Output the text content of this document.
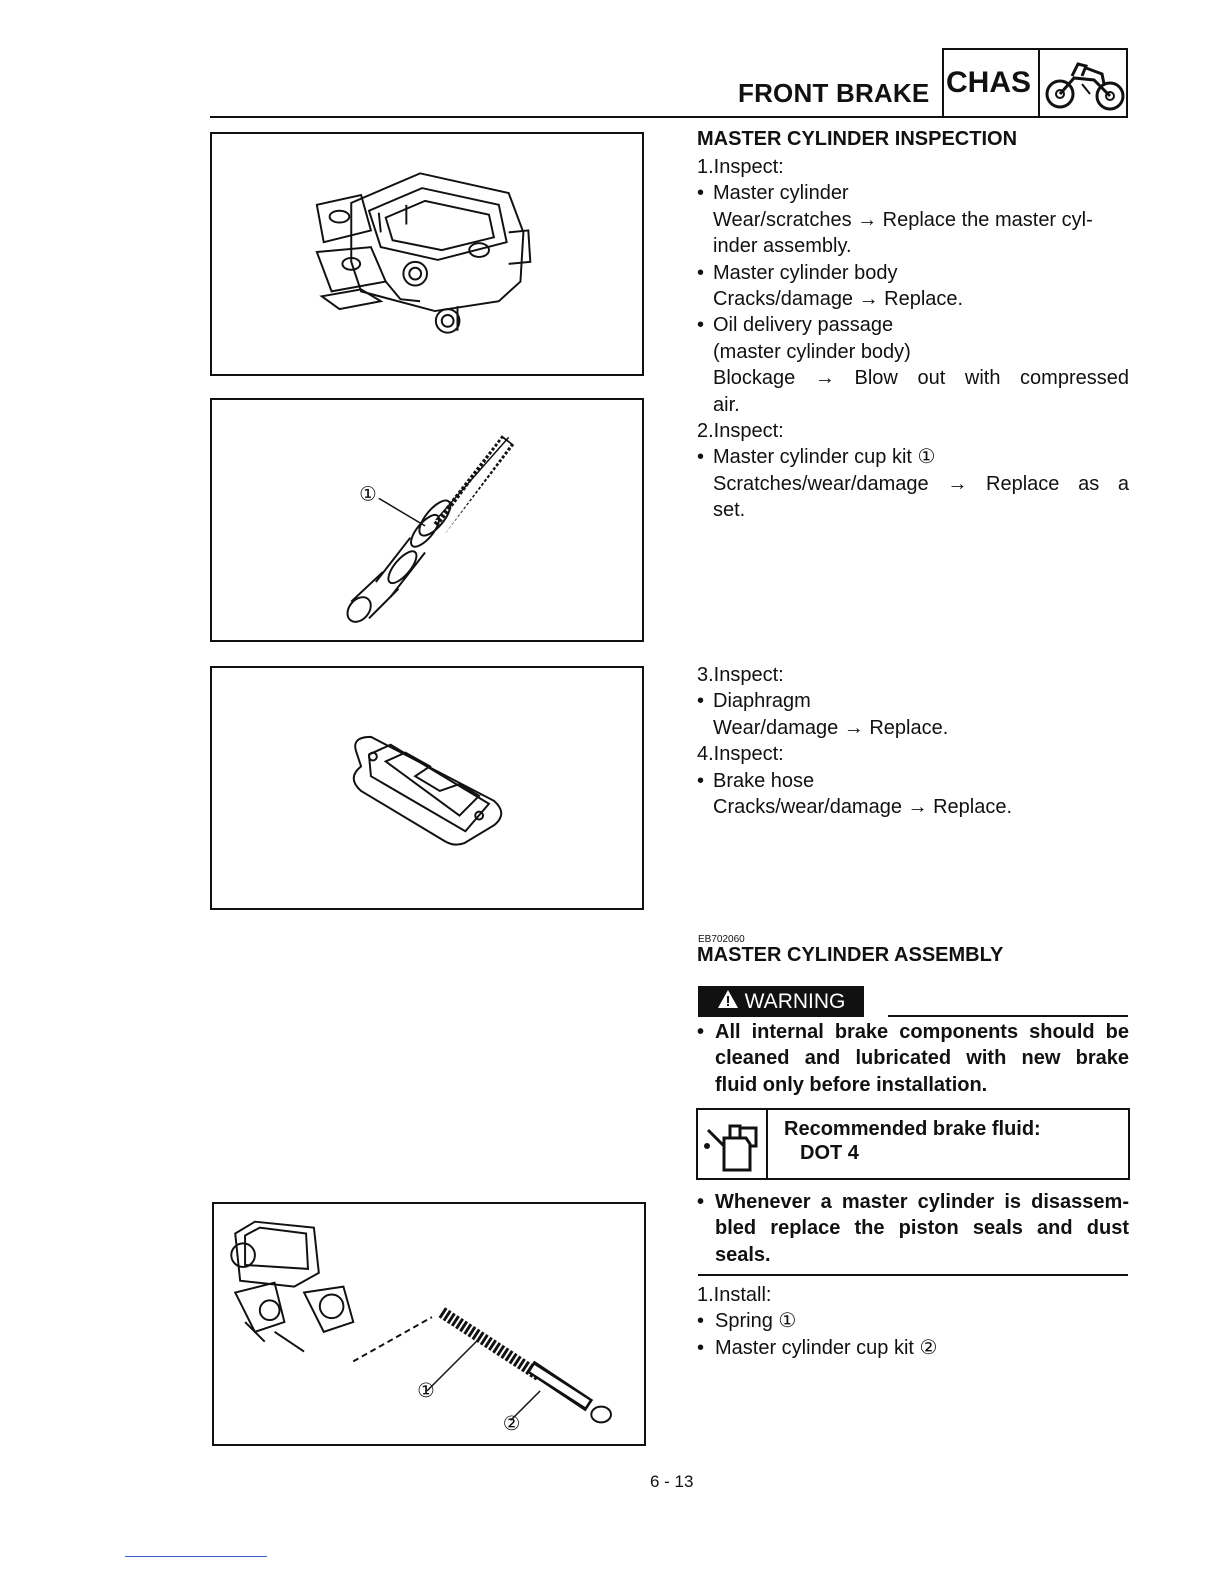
FRONT BRAKE CHAS
①
①
②
MASTER CYLINDER INSPECTION
1.Inspect:
• Master cylinder
Wear/scratches → Replace the master cyl-
inder assembly.
• Master cylinder body
Cracks/damage → Replace.
• Oil delivery passage
(master cylinder body)
Blockage → Blow out with compressed
air.
2.Inspect:
• Master cylinder cup kit ①
Scratches/wear/damage → Replace as a
set.
3.Inspect:
• Diaphragm
Wear/damage → Replace.
4.Inspect:
• Brake hose
Cracks/wear/damage → Replace.
EB702060
MASTER CYLINDER ASSEMBLY
WARNING
• All internal brake components should be
cleaned and lubricated with new brake
fluid only before installation.
Recommended brake fluid:
DOT 4
• Whenever a master cylinder is disassem-
bled replace the piston seals and dust
seals.
1.Install:
• Spring ①
• Master cylinder cup kit ②
6 - 13
